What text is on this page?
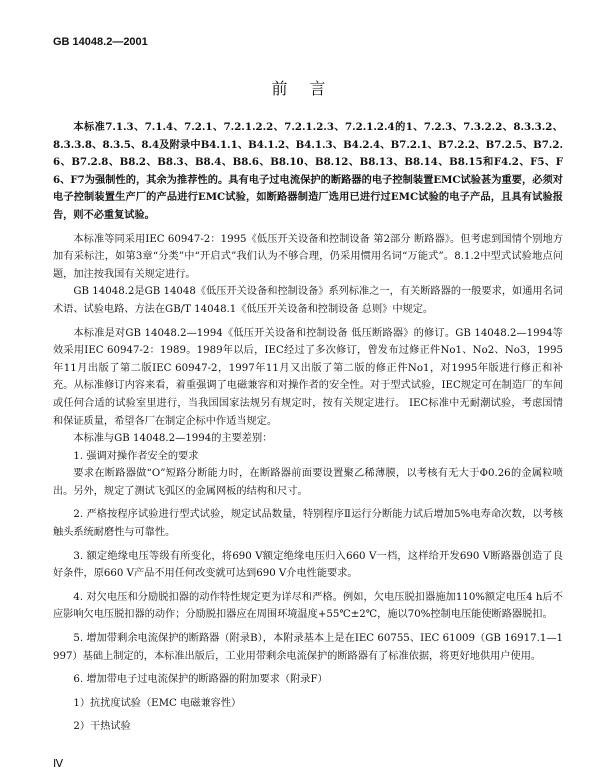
GB 14048.2—2001
前言

本标准7.1.3、7.1.4、7.2.1、7.2.1.2.2、7.2.1.2.3、7.2.1.2.4的1、7.2.3、7.3.2.2、8.3.3.2、8.3.3.8、8.3.5、8.4及附录中B4.1.1、B4.1.2、B4.1.3、B4.2.4、B7.2.1、B7.2.2、B7.2.5、B7.2.6、B7.2.8、B8.2、B8.3、B8.4、B8.6、B8.10、B8.12、B8.13、B8.14、B8.15和F4.2、F5、F6、F7为强制性的，其余为推荐性的。具有电子过电流保护的断路器的电子控制装置EMC试验甚为重要，必须对电子控制装置生产厂的产品进行EMC试验，如断路器制造厂选用已进行过EMC试验的电子产品，且具有试验报告，则不必重复试验。

本标准等同采用IEC 60947-2：1995《低压开关设备和控制设备 第2部分 断路器》。但考虑到国情个别地方加有采标注，如第3章“分类”中“开启式”我们认为不够合理，仍采用惯用名词“万能式”。8.1.2中型式试验地点问题，加注按我国有关规定进行。

GB 14048.2是GB 14048《低压开关设备和控制设备》系列标准之一，有关断路器的一般要求，如通用名词术语、试验电路、方法在GB/T 14048.1《低压开关设备和控制设备 总则》中规定。

本标准是对GB 14048.2—1994《低压开关设备和控制设备 低压断路器》的修订。GB 14048.2—1994等效采用IEC 60947-2：1989。1989年以后，IEC经过了多次修订，曾发布过修正件No1、No2、No3，1995年11月出版了第二版IEC 60947-2，1997年11月又出版了第二版的修正件No1，对1995年版进行修正和补充。从标准修订内容来看，着重强调了电磁兼容和对操作者的安全性。对于型式试验，IEC规定可在制造厂的车间或任何合适的试验室里进行，当我国国家法规另有规定时，按有关规定进行。 IEC标准中无耐潮试验，考虑国情和保证质量，希望各厂在制定企标中作适当规定。

本标准与GB 14048.2—1994的主要差别：

1. 强调对操作者安全的要求

要求在断路器做“O”短路分断能力时，在断路器前面要设置聚乙稀薄膜，以考核有无大于Φ0.26的金属粒喷出。另外，规定了测试飞弧区的金属网板的结构和尺寸。

2. 严格按程序试验进行型式试验，规定试品数量，特别程序Ⅱ运行分断能力试后增加5%电寿命次数，以考核触头系统耐磨性与可靠性。

3. 额定绝缘电压等级有所变化，将690 V额定绝缘电压归入660 V一档，这样给开发690 V断路器创造了良好条件，原660 V产品不用任何改变就可达到690 V介电性能要求。

4. 对欠电压和分励脱扣器的动作特性规定更为详尽和严格。例如，欠电压脱扣器施加110%额定电压4 h后不应影响欠电压脱扣器的动作；分励脱扣器应在周围环境温度+55℃±2℃，施以70%控制电压能使断路器脱扣。

5. 增加带剩余电流保护的断路器（附录B），本附录基本上是在IEC 60755、IEC 61009（GB 16917.1—1997）基础上制定的，本标准出版后，工业用带剩余电流保护的断路器有了标准依据，将更好地供用户使用。

6. 增加带电子过电流保护的断路器的附加要求（附录F）

1）抗扰度试验（EMC 电磁兼容性）

2）干热试验

Ⅳ
